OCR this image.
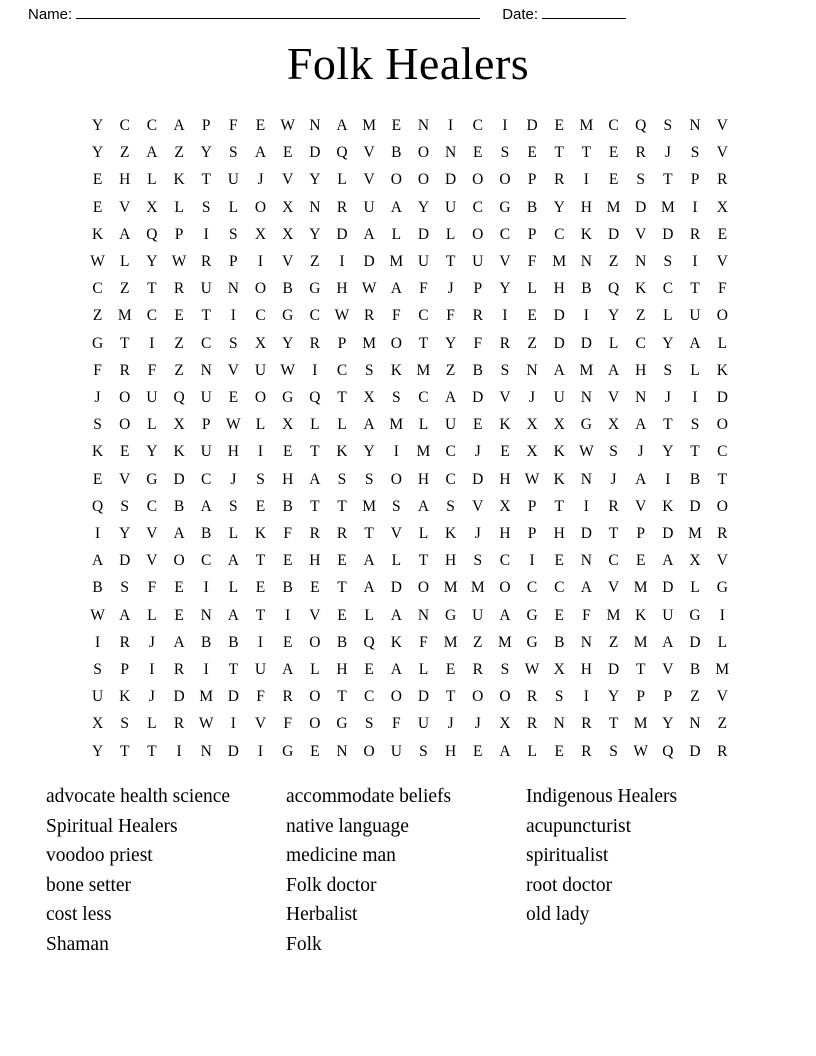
Name:	Date:
Folk Healers
Y	C	C	A	P	F	E	W	N	A	M	E	N	I	C	I	D	E	M	C	Q	S	N	V
Y	Z	A	Z	Y	S	A	E	D	Q	V	B	O	N	E	S	E	T	T	E	R	J	S	V
E	H	L	K	T	U	J	V	Y	L	V	O	O	D	O	O	P	R	I	E	S	T	P	R
E	V	X	L	S	L	O	X	N	R	U	A	Y	U	C	G	B	Y	H	M	D	M	I	X
K	A	Q	P	I	S	X	X	Y	D	A	L	D	L	O	C	P	C	K	D	V	D	R	E
W	L	Y	W	R	P	I	V	Z	I	D	M	U	T	U	V	F	M	N	Z	N	S	I	V
C	Z	T	R	U	N	O	B	G	H	W	A	F	J	P	Y	L	H	B	Q	K	C	T	F
Z	M	C	E	T	I	C	G	C	W	R	F	C	F	R	I	E	D	I	Y	Z	L	U	O
G	T	I	Z	C	S	X	Y	R	P	M	O	T	Y	F	R	Z	D	D	L	C	Y	A	L
F	R	F	Z	N	V	U	W	I	C	S	K	M	Z	B	S	N	A	M	A	H	S	L	K
J	O	U	Q	U	E	O	G	Q	T	X	S	C	A	D	V	J	U	N	V	N	J	I	D
S	O	L	X	P	W	L	X	L	L	A	M	L	U	E	K	X	X	G	X	A	T	S	O
K	E	Y	K	U	H	I	E	T	K	Y	I	M	C	J	E	X	K	W	S	J	Y	T	C
E	V	G	D	C	J	S	H	A	S	S	O	H	C	D	H	W	K	N	J	A	I	B	T
Q	S	C	B	A	S	E	B	T	T	M	S	A	S	V	X	P	T	I	R	V	K	D	O
I	Y	V	A	B	L	K	F	R	R	T	V	L	K	J	H	P	H	D	T	P	D	M	R
A	D	V	O	C	A	T	E	H	E	A	L	T	H	S	C	I	E	N	C	E	A	X	V
B	S	F	E	I	L	E	B	E	T	A	D	O	M	M	O	C	C	A	V	M	D	L	G
W	A	L	E	N	A	T	I	V	E	L	A	N	G	U	A	G	E	F	M	K	U	G	I
I	R	J	A	B	B	I	E	O	B	Q	K	F	M	Z	M	G	B	N	Z	M	A	D	L
S	P	I	R	I	T	U	A	L	H	E	A	L	E	R	S	W	X	H	D	T	V	B	M
U	K	J	D	M	D	F	R	O	T	C	O	D	T	O	O	R	S	I	Y	P	P	Z	V
X	S	L	R	W	I	V	F	O	G	S	F	U	J	J	X	R	N	R	T	M	Y	N	Z
Y	T	T	I	N	D	I	G	E	N	O	U	S	H	E	A	L	E	R	S	W	Q	D	R
advocate health science
Spiritual Healers
voodoo priest
bone setter
cost less
Shaman
accommodate beliefs
native language
medicine man
Folk doctor
Herbalist
Folk
Indigenous Healers
acupuncturist
spiritualist
root doctor
old lady
